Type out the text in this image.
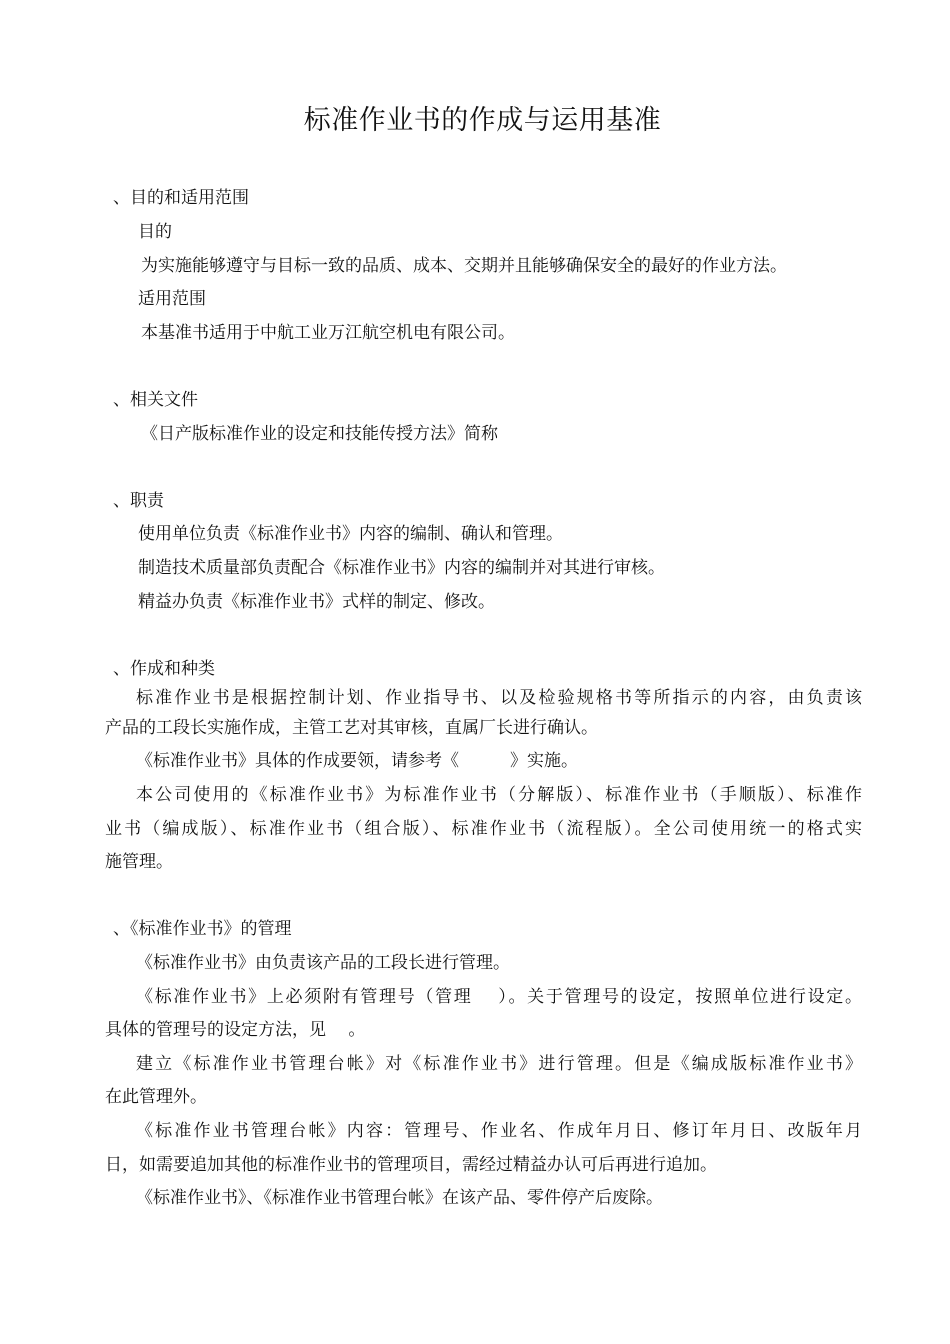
标准作业书的作成与运用基准
、目的和适用范围
目的
为实施能够遵守与目标一致的品质、成本、交期并且能够确保安全的最好的作业方法。
适用范围
本基准书适用于中航工业万江航空机电有限公司。
、相关文件
《日产版标准作业的设定和技能传授方法》简称
、职责
使用单位负责《标准作业书》内容的编制、确认和管理。
制造技术质量部负责配合《标准作业书》内容的编制并对其进行审核。
精益办负责《标准作业书》式样的制定、修改。
、作成和种类
标准作业书是根据控制计划、作业指导书、以及检验规格书等所指示的内容，由负责该
产品的工段长实施作成，主管工艺对其审核，直属厂长进行确认。
《标准作业书》具体的作成要领，请参考《　　　》实施。
本公司使用的《标准作业书》为标准作业书（分解版）、标准作业书（手顺版）、标准作
业书（编成版）、标准作业书（组合版）、标准作业书（流程版）。全公司使用统一的格式实
施管理。
、《标准作业书》的管理
《标准作业书》由负责该产品的工段长进行管理。
《标准作业书》上必须附有管理号（管理　 ）。关于管理号的设定，按照单位进行设定。
具体的管理号的设定方法，见　 。
建立《标准作业书管理台帐》对《标准作业书》进行管理。但是《编成版标准作业书》
在此管理外。
《标准作业书管理台帐》内容：管理号、作业名、作成年月日、修订年月日、改版年月
日，如需要追加其他的标准作业书的管理项目，需经过精益办认可后再进行追加。
《标准作业书》、《标准作业书管理台帐》在该产品、零件停产后废除。
